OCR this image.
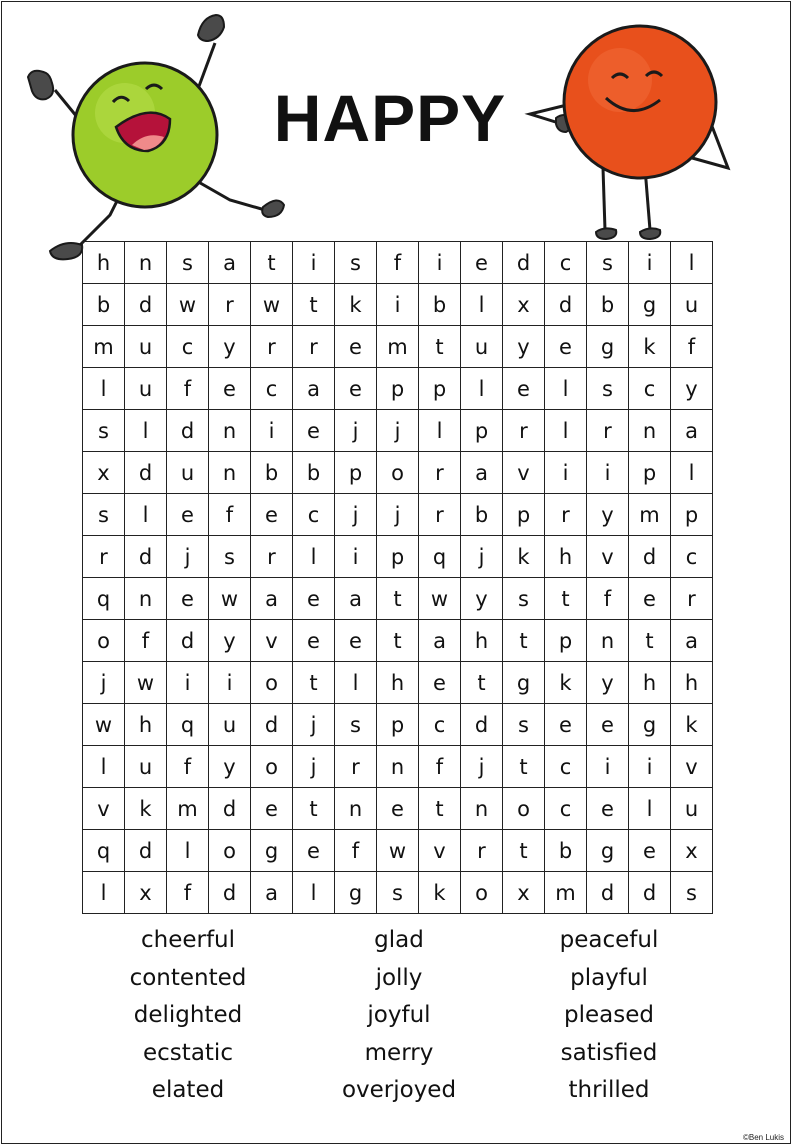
HAPPY
h	n	s	a	t	i	s	f	i	e	d	c	s	i	l
b	d	w	r	w	t	k	i	b	l	x	d	b	g	u
m	u	c	y	r	r	e	m	t	u	y	e	g	k	f
l	u	f	e	c	a	e	p	p	l	e	l	s	c	y
s	l	d	n	i	e	j	j	l	p	r	l	r	n	a
x	d	u	n	b	b	p	o	r	a	v	i	i	p	l
s	l	e	f	e	c	j	j	r	b	p	r	y	m	p
r	d	j	s	r	l	i	p	q	j	k	h	v	d	c
q	n	e	w	a	e	a	t	w	y	s	t	f	e	r
o	f	d	y	v	e	e	t	a	h	t	p	n	t	a
j	w	i	i	o	t	l	h	e	t	g	k	y	h	h
w	h	q	u	d	j	s	p	c	d	s	e	e	g	k
l	u	f	y	o	j	r	n	f	j	t	c	i	i	v
v	k	m	d	e	t	n	e	t	n	o	c	e	l	u
q	d	l	o	g	e	f	w	v	r	t	b	g	e	x
l	x	f	d	a	l	g	s	k	o	x	m	d	d	s
cheerful
contented
delighted
ecstatic
elated
glad
jolly
joyful
merry
overjoyed
peaceful
playful
pleased
satisfied
thrilled
©Ben Lukis
